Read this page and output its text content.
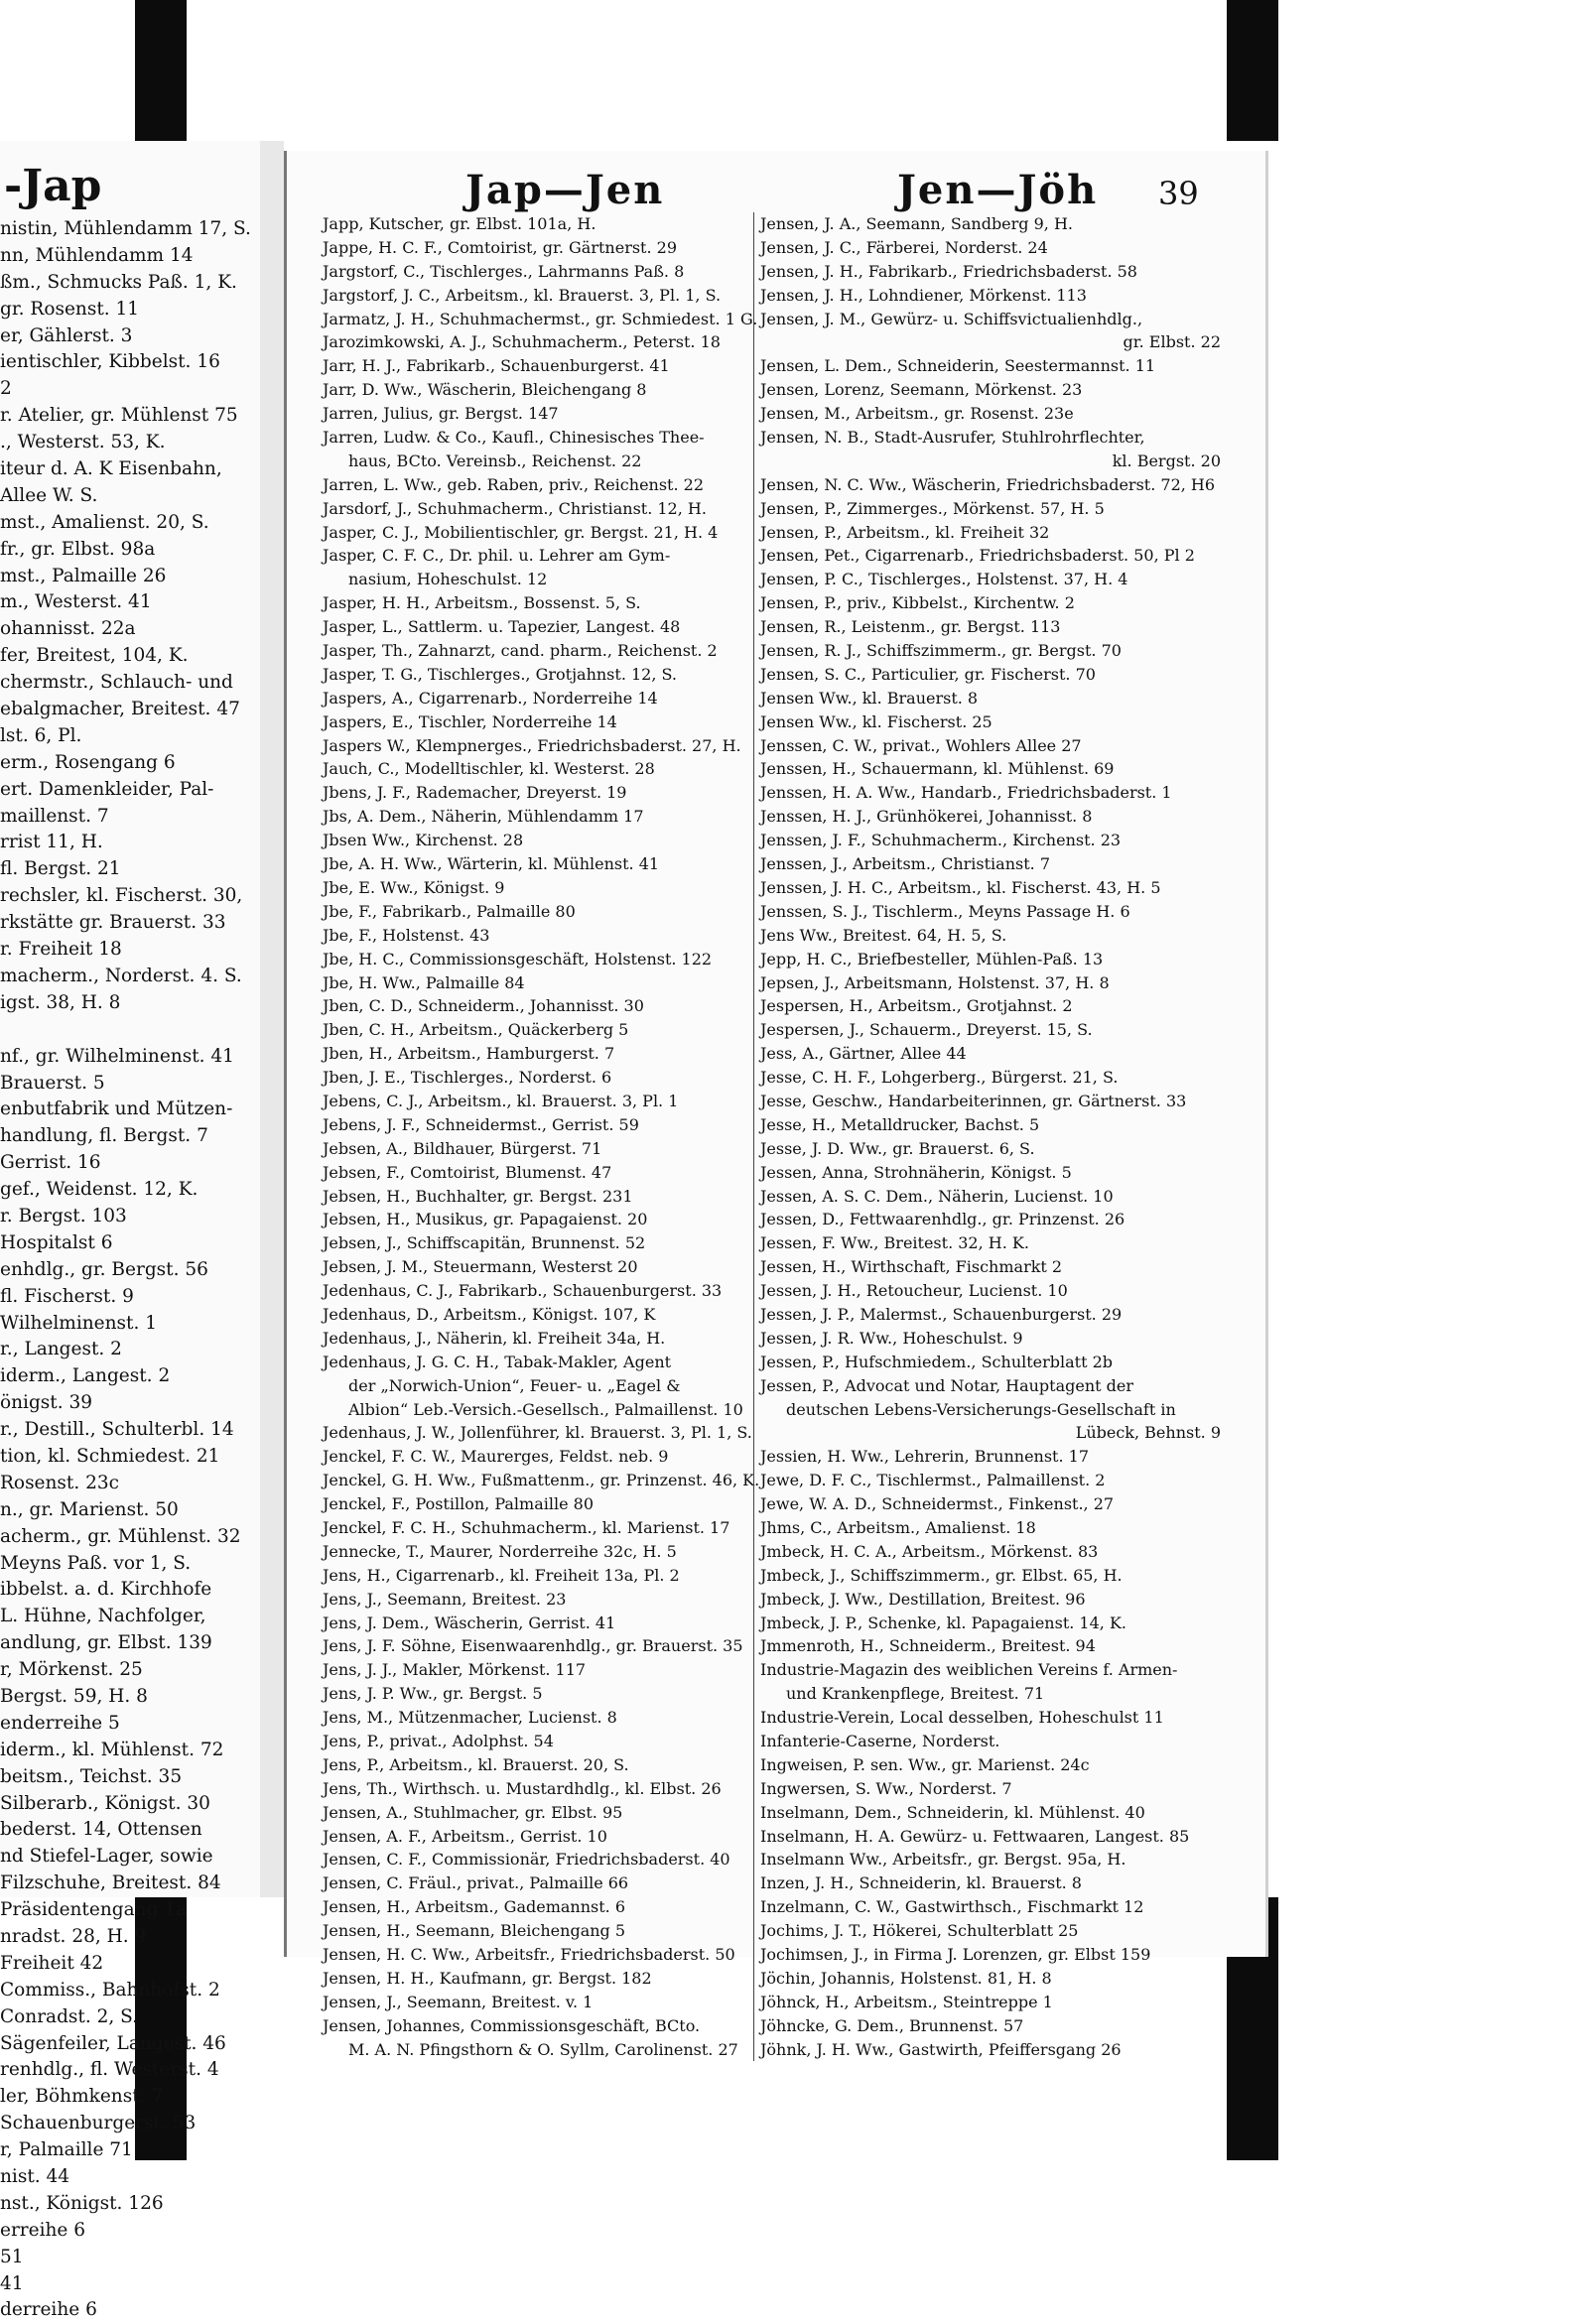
-Jap
nistin, Mühlendamm 17, S.
nn, Mühlendamm 14
ßm., Schmucks Paß. 1, K.
gr. Rosenst. 11
er, Gählerst. 3
ientischler, Kibbelst. 16
2
r. Atelier, gr. Mühlenst 75
., Westerst. 53, K.
iteur d. A. K Eisenbahn,
Allee W. S.
mst., Amalienst. 20, S.
fr., gr. Elbst. 98a
mst., Palmaille 26
m., Westerst. 41
ohannisst. 22a
fer, Breitest, 104, K.
chermstr., Schlauch- und
ebalgmacher, Breitest. 47
lst. 6, Pl.
erm., Rosengang 6
ert. Damenkleider, Pal-
maillenst. 7
rrist 11, H.
fl. Bergst. 21
rechsler, kl. Fischerst. 30,
rkstätte gr. Brauerst. 33
r. Freiheit 18
macherm., Norderst. 4. S.
igst. 38, H. 8
nf., gr. Wilhelminenst. 41
Brauerst. 5
enbutfabrik und Mützen-
handlung, fl. Bergst. 7
Gerrist. 16
gef., Weidenst. 12, K.
r. Bergst. 103
Hospitalst 6
enhdlg., gr. Bergst. 56
fl. Fischerst. 9
Wilhelminenst. 1
r., Langest. 2
iderm., Langest. 2
önigst. 39
r., Destill., Schulterbl. 14
tion, kl. Schmiedest. 21
Rosenst. 23c
n., gr. Marienst. 50
acherm., gr. Mühlenst. 32
Meyns Paß. vor 1, S.
ibbelst. a. d. Kirchhofe
L. Hühne, Nachfolger,
andlung, gr. Elbst. 139
r, Mörkenst. 25
Bergst. 59, H. 8
enderreihe 5
iderm., kl. Mühlenst. 72
beitsm., Teichst. 35
Silberarb., Königst. 30
bederst. 14, Ottensen
nd Stiefel-Lager, sowie
Filzschuhe, Breitest. 84
Präsidentengang 1a
nradst. 28, H. 9
Freiheit 42
Commiss., Bahnhofst. 2
Conradst. 2, S.
Sägenfeiler, Langest. 46
renhdlg., fl. Westerst. 4
ler, Böhmkenst. 7
Schauenburgerst. 53
r, Palmaille 71
nist. 44
nst., Königst. 126
erreihe 6
51
41
derreihe 6
Jap—Jen	Jen—Jöh 39
Japp, Kutscher, gr. Elbst. 101a, H.
Jappe, H. C. F., Comtoirist, gr. Gärtnerst. 29
Jargstorf, C., Tischlerges., Lahrmanns Paß. 8
Jargstorf, J. C., Arbeitsm., kl. Brauerst. 3, Pl. 1, S.
Jarmatz, J. H., Schuhmachermst., gr. Schmiedest. 1 G.
Jarozimkowski, A. J., Schuhmacherm., Peterst. 18
Jarr, H. J., Fabrikarb., Schauenburgerst. 41
Jarr, D. Ww., Wäscherin, Bleichengang 8
Jarren, Julius, gr. Bergst. 147
Jarren, Ludw. & Co., Kaufl., Chinesisches Thee-
haus, BCto. Vereinsb., Reichenst. 22
Jarren, L. Ww., geb. Raben, priv., Reichenst. 22
Jarsdorf, J., Schuhmacherm., Christianst. 12, H.
Jasper, C. J., Mobilientischler, gr. Bergst. 21, H. 4
Jasper, C. F. C., Dr. phil. u. Lehrer am Gym-
nasium, Hoheschulst. 12
Jasper, H. H., Arbeitsm., Bossenst. 5, S.
Jasper, L., Sattlerm. u. Tapezier, Langest. 48
Jasper, Th., Zahnarzt, cand. pharm., Reichenst. 2
Jasper, T. G., Tischlerges., Grotjahnst. 12, S.
Jaspers, A., Cigarrenarb., Norderreihe 14
Jaspers, E., Tischler, Norderreihe 14
Jaspers W., Klempnerges., Friedrichsbaderst. 27, H.
Jauch, C., Modelltischler, kl. Westerst. 28
Jbens, J. F., Rademacher, Dreyerst. 19
Jbs, A. Dem., Näherin, Mühlendamm 17
Jbsen Ww., Kirchenst. 28
Jbe, A. H. Ww., Wärterin, kl. Mühlenst. 41
Jbe, E. Ww., Königst. 9
Jbe, F., Fabrikarb., Palmaille 80
Jbe, F., Holstenst. 43
Jbe, H. C., Commissionsgeschäft, Holstenst. 122
Jbe, H. Ww., Palmaille 84
Jben, C. D., Schneiderm., Johannisst. 30
Jben, C. H., Arbeitsm., Quäckerberg 5
Jben, H., Arbeitsm., Hamburgerst. 7
Jben, J. E., Tischlerges., Norderst. 6
Jebens, C. J., Arbeitsm., kl. Brauerst. 3, Pl. 1
Jebens, J. F., Schneidermst., Gerrist. 59
Jebsen, A., Bildhauer, Bürgerst. 71
Jebsen, F., Comtoirist, Blumenst. 47
Jebsen, H., Buchhalter, gr. Bergst. 231
Jebsen, H., Musikus, gr. Papagaienst. 20
Jebsen, J., Schiffscapitän, Brunnenst. 52
Jebsen, J. M., Steuermann, Westerst 20
Jedenhaus, C. J., Fabrikarb., Schauenburgerst. 33
Jedenhaus, D., Arbeitsm., Königst. 107, K
Jedenhaus, J., Näherin, kl. Freiheit 34a, H.
Jedenhaus, J. G. C. H., Tabak-Makler, Agent
der „Norwich-Union“, Feuer- u. „Eagel &
Albion“ Leb.-Versich.-Gesellsch., Palmaillenst. 10
Jedenhaus, J. W., Jollenführer, kl. Brauerst. 3, Pl. 1, S.
Jenckel, F. C. W., Maurerges, Feldst. neb. 9
Jenckel, G. H. Ww., Fußmattenm., gr. Prinzenst. 46, K.
Jenckel, F., Postillon, Palmaille 80
Jenckel, F. C. H., Schuhmacherm., kl. Marienst. 17
Jennecke, T., Maurer, Norderreihe 32c, H. 5
Jens, H., Cigarrenarb., kl. Freiheit 13a, Pl. 2
Jens, J., Seemann, Breitest. 23
Jens, J. Dem., Wäscherin, Gerrist. 41
Jens, J. F. Söhne, Eisenwaarenhdlg., gr. Brauerst. 35
Jens, J. J., Makler, Mörkenst. 117
Jens, J. P. Ww., gr. Bergst. 5
Jens, M., Mützenmacher, Lucienst. 8
Jens, P., privat., Adolphst. 54
Jens, P., Arbeitsm., kl. Brauerst. 20, S.
Jens, Th., Wirthsch. u. Mustardhdlg., kl. Elbst. 26
Jensen, A., Stuhlmacher, gr. Elbst. 95
Jensen, A. F., Arbeitsm., Gerrist. 10
Jensen, C. F., Commissionär, Friedrichsbaderst. 40
Jensen, C. Fräul., privat., Palmaille 66
Jensen, H., Arbeitsm., Gademannst. 6
Jensen, H., Seemann, Bleichengang 5
Jensen, H. C. Ww., Arbeitsfr., Friedrichsbaderst. 50
Jensen, H. H., Kaufmann, gr. Bergst. 182
Jensen, J., Seemann, Breitest. v. 1
Jensen, Johannes, Commissionsgeschäft, BCto.
M. A. N. Pfingsthorn & O. Syllm, Carolinenst. 27
Jensen, J. A., Seemann, Sandberg 9, H.
Jensen, J. C., Färberei, Norderst. 24
Jensen, J. H., Fabrikarb., Friedrichsbaderst. 58
Jensen, J. H., Lohndiener, Mörkenst. 113
Jensen, J. M., Gewürz- u. Schiffsvictualienhdlg.,
gr. Elbst. 22
Jensen, L. Dem., Schneiderin, Seestermannst. 11
Jensen, Lorenz, Seemann, Mörkenst. 23
Jensen, M., Arbeitsm., gr. Rosenst. 23e
Jensen, N. B., Stadt-Ausrufer, Stuhlrohrflechter,
kl. Bergst. 20
Jensen, N. C. Ww., Wäscherin, Friedrichsbaderst. 72, H6
Jensen, P., Zimmerges., Mörkenst. 57, H. 5
Jensen, P., Arbeitsm., kl. Freiheit 32
Jensen, Pet., Cigarrenarb., Friedrichsbaderst. 50, Pl 2
Jensen, P. C., Tischlerges., Holstenst. 37, H. 4
Jensen, P., priv., Kibbelst., Kirchentw. 2
Jensen, R., Leistenm., gr. Bergst. 113
Jensen, R. J., Schiffszimmerm., gr. Bergst. 70
Jensen, S. C., Particulier, gr. Fischerst. 70
Jensen Ww., kl. Brauerst. 8
Jensen Ww., kl. Fischerst. 25
Jenssen, C. W., privat., Wohlers Allee 27
Jenssen, H., Schauermann, kl. Mühlenst. 69
Jenssen, H. A. Ww., Handarb., Friedrichsbaderst. 1
Jenssen, H. J., Grünhökerei, Johannisst. 8
Jenssen, J. F., Schuhmacherm., Kirchenst. 23
Jenssen, J., Arbeitsm., Christianst. 7
Jenssen, J. H. C., Arbeitsm., kl. Fischerst. 43, H. 5
Jenssen, S. J., Tischlerm., Meyns Passage H. 6
Jens Ww., Breitest. 64, H. 5, S.
Jepp, H. C., Briefbesteller, Mühlen-Paß. 13
Jepsen, J., Arbeitsmann, Holstenst. 37, H. 8
Jespersen, H., Arbeitsm., Grotjahnst. 2
Jespersen, J., Schauerm., Dreyerst. 15, S.
Jess, A., Gärtner, Allee 44
Jesse, C. H. F., Lohgerberg., Bürgerst. 21, S.
Jesse, Geschw., Handarbeiterinnen, gr. Gärtnerst. 33
Jesse, H., Metalldrucker, Bachst. 5
Jesse, J. D. Ww., gr. Brauerst. 6, S.
Jessen, Anna, Strohnäherin, Königst. 5
Jessen, A. S. C. Dem., Näherin, Lucienst. 10
Jessen, D., Fettwaarenhdlg., gr. Prinzenst. 26
Jessen, F. Ww., Breitest. 32, H. K.
Jessen, H., Wirthschaft, Fischmarkt 2
Jessen, J. H., Retoucheur, Lucienst. 10
Jessen, J. P., Malermst., Schauenburgerst. 29
Jessen, J. R. Ww., Hoheschulst. 9
Jessen, P., Hufschmiedem., Schulterblatt 2b
Jessen, P., Advocat und Notar, Hauptagent der
deutschen Lebens-Versicherungs-Gesellschaft in
Lübeck, Behnst. 9
Jessien, H. Ww., Lehrerin, Brunnenst. 17
Jewe, D. F. C., Tischlermst., Palmaillenst. 2
Jewe, W. A. D., Schneidermst., Finkenst., 27
Jhms, C., Arbeitsm., Amalienst. 18
Jmbeck, H. C. A., Arbeitsm., Mörkenst. 83
Jmbeck, J., Schiffszimmerm., gr. Elbst. 65, H.
Jmbeck, J. Ww., Destillation, Breitest. 96
Jmbeck, J. P., Schenke, kl. Papagaienst. 14, K.
Jmmenroth, H., Schneiderm., Breitest. 94
Industrie-Magazin des weiblichen Vereins f. Armen-
und Krankenpflege, Breitest. 71
Industrie-Verein, Local desselben, Hoheschulst 11
Infanterie-Caserne, Norderst.
Ingweisen, P. sen. Ww., gr. Marienst. 24c
Ingwersen, S. Ww., Norderst. 7
Inselmann, Dem., Schneiderin, kl. Mühlenst. 40
Inselmann, H. A. Gewürz- u. Fettwaaren, Langest. 85
Inselmann Ww., Arbeitsfr., gr. Bergst. 95a, H.
Inzen, J. H., Schneiderin, kl. Brauerst. 8
Inzelmann, C. W., Gastwirthsch., Fischmarkt 12
Jochims, J. T., Hökerei, Schulterblatt 25
Jochimsen, J., in Firma J. Lorenzen, gr. Elbst 159
Jöchin, Johannis, Holstenst. 81, H. 8
Jöhnck, H., Arbeitsm., Steintreppe 1
Jöhncke, G. Dem., Brunnenst. 57
Jöhnk, J. H. Ww., Gastwirth, Pfeiffersgang 26
